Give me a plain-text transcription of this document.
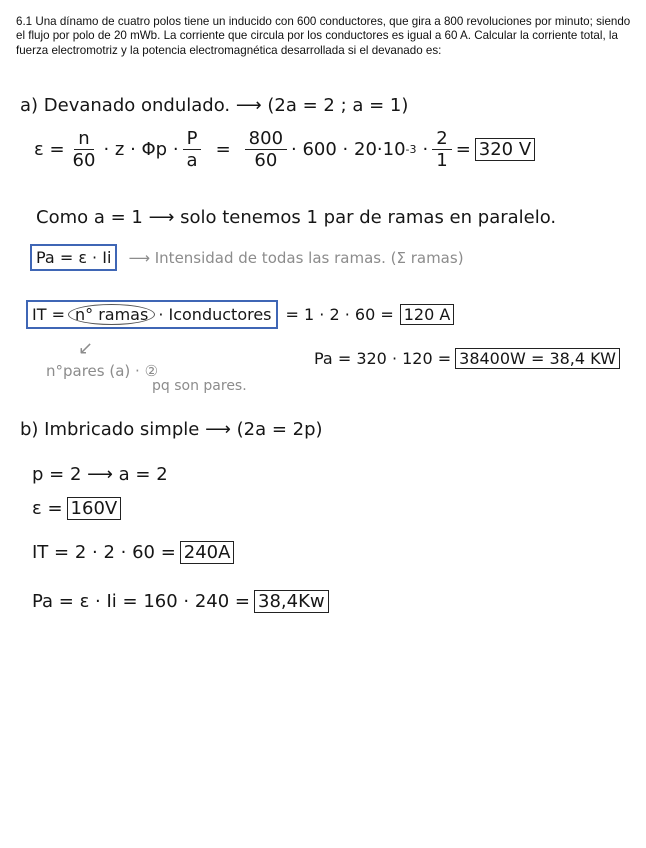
6.1 Una dínamo de cuatro polos tiene un inducido con 600 conductores, que gira a 800 revoluciones por minuto; siendo el flujo por polo de 20 mWb. La corriente que circula por los conductores es igual a 60 A. Calcular la corriente total, la fuerza electromotriz y la potencia electromagnética desarrollada si el devanado es:
a) Devanado ondulado. ⟶ (2a = 2 ; a = 1)
$\varepsilon = \frac{n}{60} \cdot z \cdot \Phi p \cdot \frac{P}{a} = \frac{800}{60} \cdot 600 \cdot 20\cdot 10$ $-3 \cdot \frac{2}{1} = 320$ V
Como a = 1 ⟶ solo tenemos 1 par de ramas en paralelo.
Pa = ε · Ii ⟶ Intensidad de todas las ramas. (Σ ramas)
IT = n° ramas · Iconductores = 1 · 2 · 60 = 120 A
↙
n°pares (a) · ②
pq son pares.
Pa = 320 · 120 = 38400W = 38,4 KW
b) Imbricado simple ⟶ (2a = 2p)
p = 2 ⟶ a = 2
ε = 160V
IT = 2 · 2 · 60 = 240A
Pa = ε · Ii = 160 · 240 = 38,4Kw
